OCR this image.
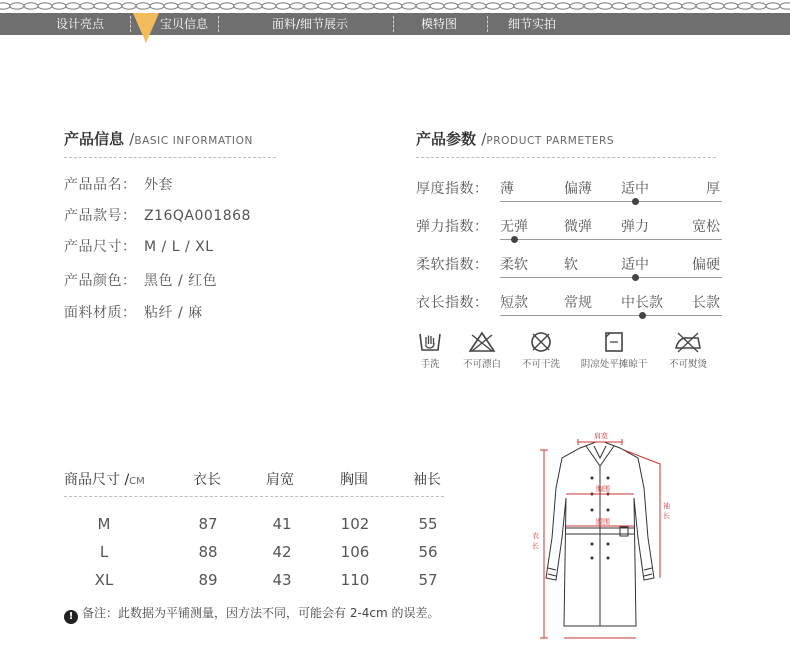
设计亮点	宝贝信息	面料/细节展示	模特图	细节实拍
产品信息 /BASIC INFORMATION
产品品名： 外套
产品款号： Z16QA001868
产品尺寸： M / L / XL
产品颜色： 黑色 / 红色
面料材质： 粘纤 / 麻
产品参数 /PRODUCT PARMETERS
厚度指数： 薄	偏薄 适中	厚
弹力指数： 无弹	微弹 弹力	宽松
柔软指数： 柔软	软	适中	偏硬
衣长指数： 短款	常规 中长款 长款
手洗	不可漂白	不可干洗	阴凉处平摊晾干	不可熨烫
商品尺寸 /CM	衣长	肩宽	胸围	袖长
M	87	41	102	55
L	88	42	106	56
XL	89	43	110	57
! 备注：此数据为平铺测量，因方法不同，可能会有 2-4cm 的误差。
肩宽
胸围
腰围
袖长
衣长
